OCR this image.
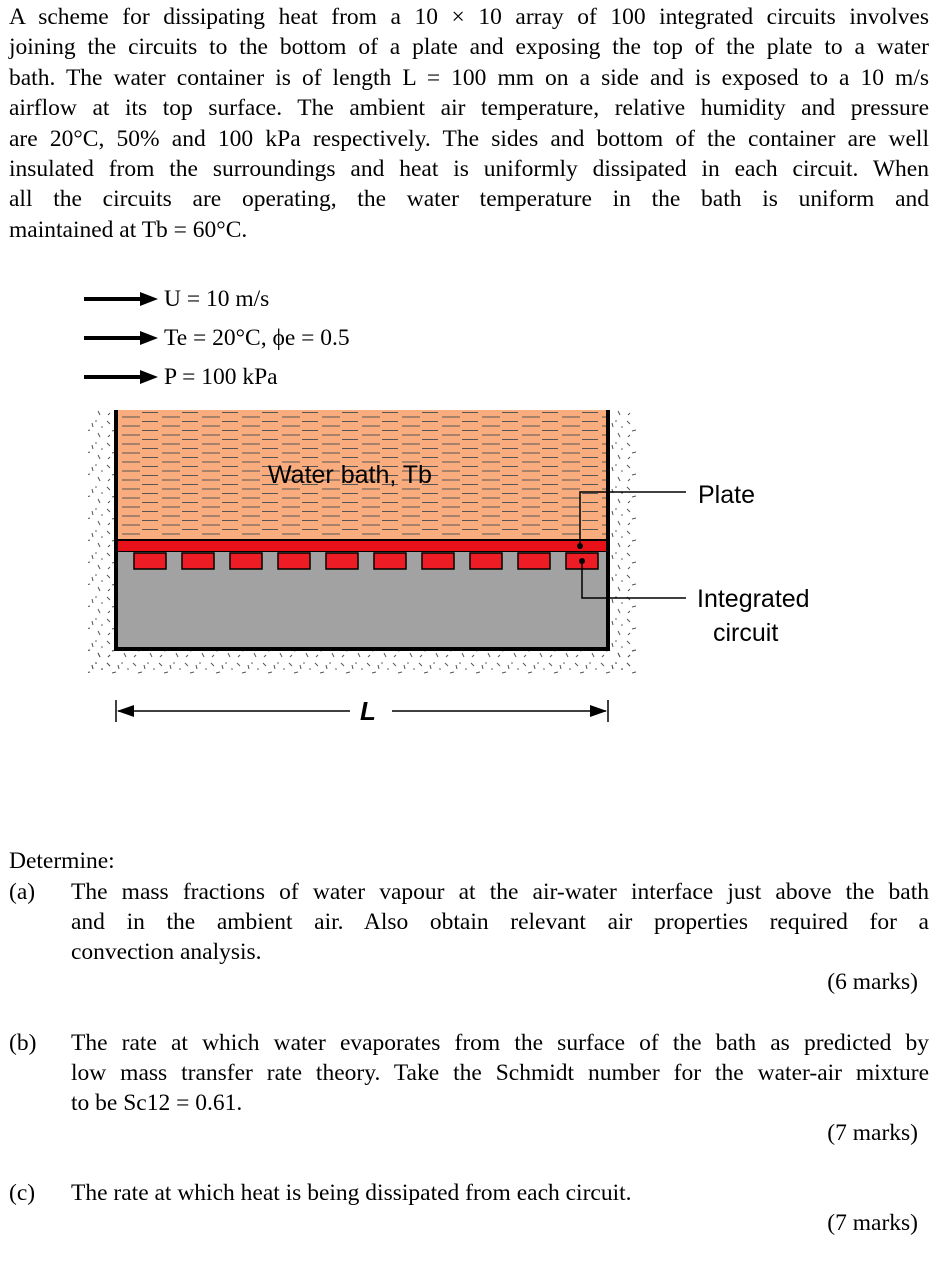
A scheme for dissipating heat from a 10 × 10 array of 100 integrated circuits involves
joining the circuits to the bottom of a plate and exposing the top of the plate to a water
bath. The water container is of length L = 100 mm on a side and is exposed to a 10 m/s
airflow at its top surface. The ambient air temperature, relative humidity and pressure
are 20°C, 50% and 100 kPa respectively. The sides and bottom of the container are well
insulated from the surroundings and heat is uniformly dissipated in each circuit. When
all the circuits are operating, the water temperature in the bath is uniform and
maintained at Tb = 60°C.
U = 10 m/s
Te = 20°C, ϕe = 0.5
P = 100 kPa
Water bath, Tb
Plate
Integrated
circuit
L
Determine:
(a) The mass fractions of water vapour at the air-water interface just above the bath
and in the ambient air. Also obtain relevant air properties required for a
convection analysis.
(6 marks)
(b) The rate at which water evaporates from the surface of the bath as predicted by
low mass transfer rate theory. Take the Schmidt number for the water-air mixture
to be Sc12 = 0.61.
(7 marks)
(c) The rate at which heat is being dissipated from each circuit.
(7 marks)
